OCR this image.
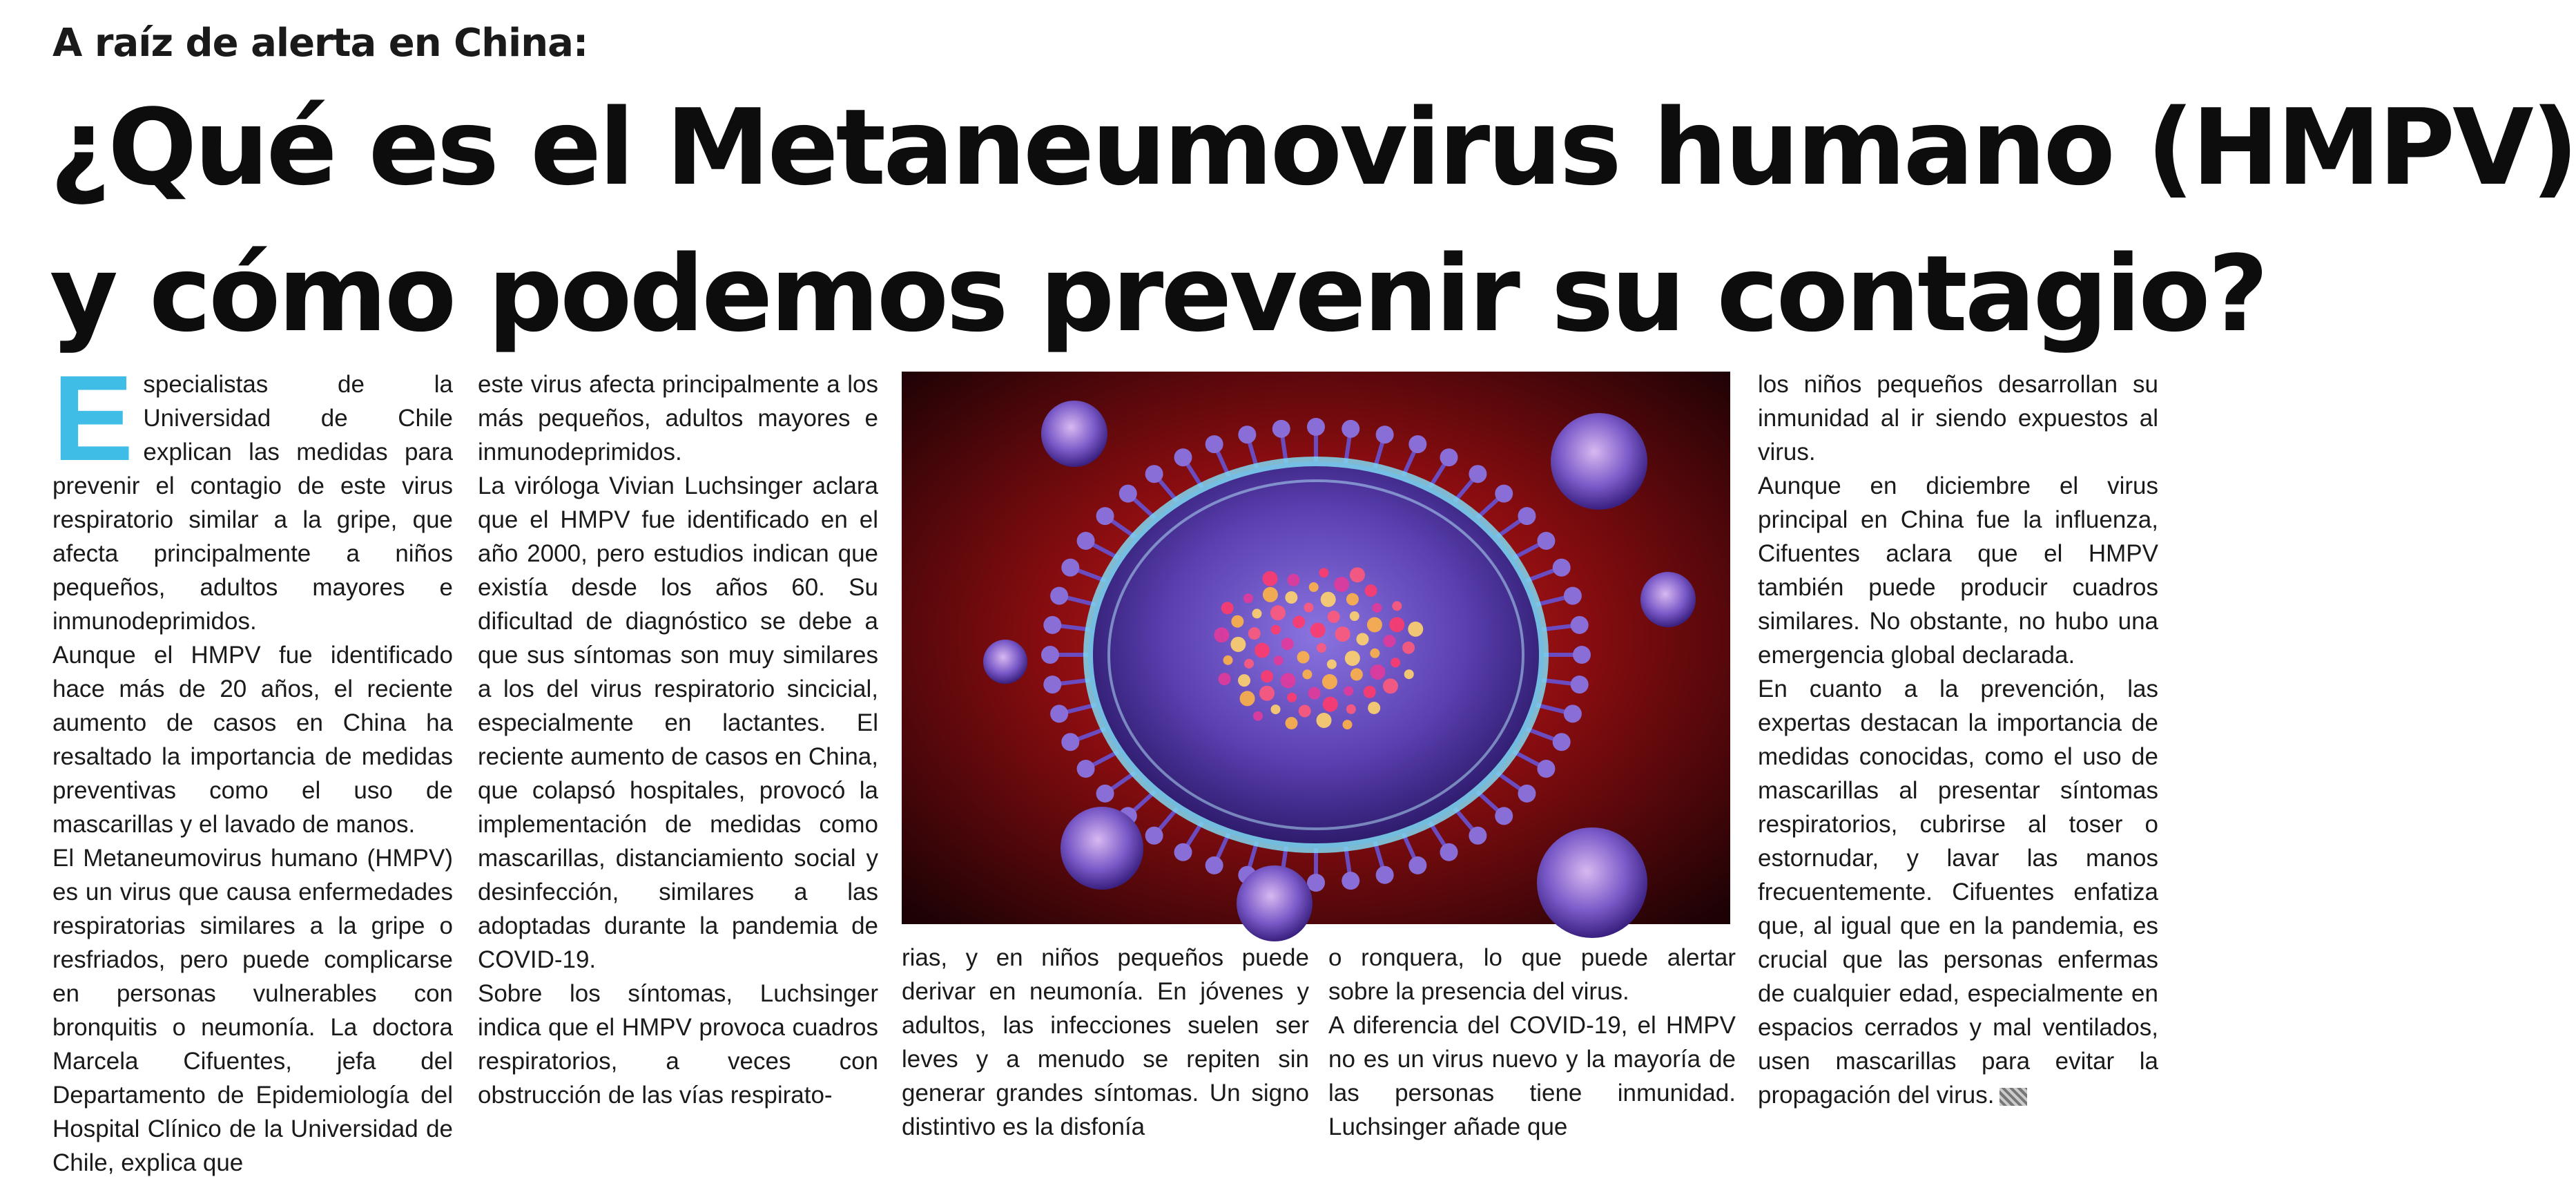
A raíz de alerta en China:
¿Qué es el Metaneumovirus humano (HMPV)
y cómo podemos prevenir su contagio?

Especialistas de la Universidad de Chile explican las medidas para prevenir el contagio de este virus respiratorio similar a la gripe, que afecta principalmente a niños pequeños, adultos mayores e inmunodeprimidos.

Aunque el HMPV fue identificado hace más de 20 años, el reciente aumento de casos en China ha resaltado la importancia de medidas preventivas como el uso de mascarillas y el lavado de manos.

El Metaneumovirus humano (HMPV) es un virus que causa enfermedades respiratorias similares a la gripe o resfriados, pero puede complicarse en personas vulnerables con bronquitis o neumonía. La doctora Marcela Cifuentes, jefa del Departamento de Epidemiología del Hospital Clínico de la Universidad de Chile, explica que

este virus afecta principalmente a los más pequeños, adultos mayores e inmunodeprimidos.

La viróloga Vivian Luchsinger aclara que el HMPV fue identificado en el año 2000, pero estudios indican que existía desde los años 60. Su dificultad de diagnóstico se debe a que sus síntomas son muy similares a los del virus respiratorio sincicial, especialmente en lactantes. El reciente aumento de casos en China, que colapsó hospitales, provocó la implementación de medidas como mascarillas, distanciamiento social y desinfección, similares a las adoptadas durante la pandemia de COVID-19.

Sobre los síntomas, Luchsinger indica que el HMPV provoca cuadros respiratorios, a veces con obstrucción de las vías respirato-

rias, y en niños pequeños puede derivar en neumonía. En jóvenes y adultos, las infecciones suelen ser leves y a menudo se repiten sin generar grandes síntomas. Un signo distintivo es la disfonía

o ronquera, lo que puede alertar sobre la presencia del virus.

A diferencia del COVID-19, el HMPV no es un virus nuevo y la mayoría de las personas tiene inmunidad. Luchsinger añade que

los niños pequeños desarrollan su inmunidad al ir siendo expuestos al virus.

Aunque en diciembre el virus principal en China fue la influenza, Cifuentes aclara que el HMPV también puede producir cuadros similares. No obstante, no hubo una emergencia global declarada.

En cuanto a la prevención, las expertas destacan la importancia de medidas conocidas, como el uso de mascarillas al presentar síntomas respiratorios, cubrirse al toser o estornudar, y lavar las manos frecuentemente. Cifuentes enfatiza que, al igual que en la pandemia, es crucial que las personas enfermas de cualquier edad, especialmente en espacios cerrados y mal ventilados, usen mascarillas para evitar la propagación del virus.
